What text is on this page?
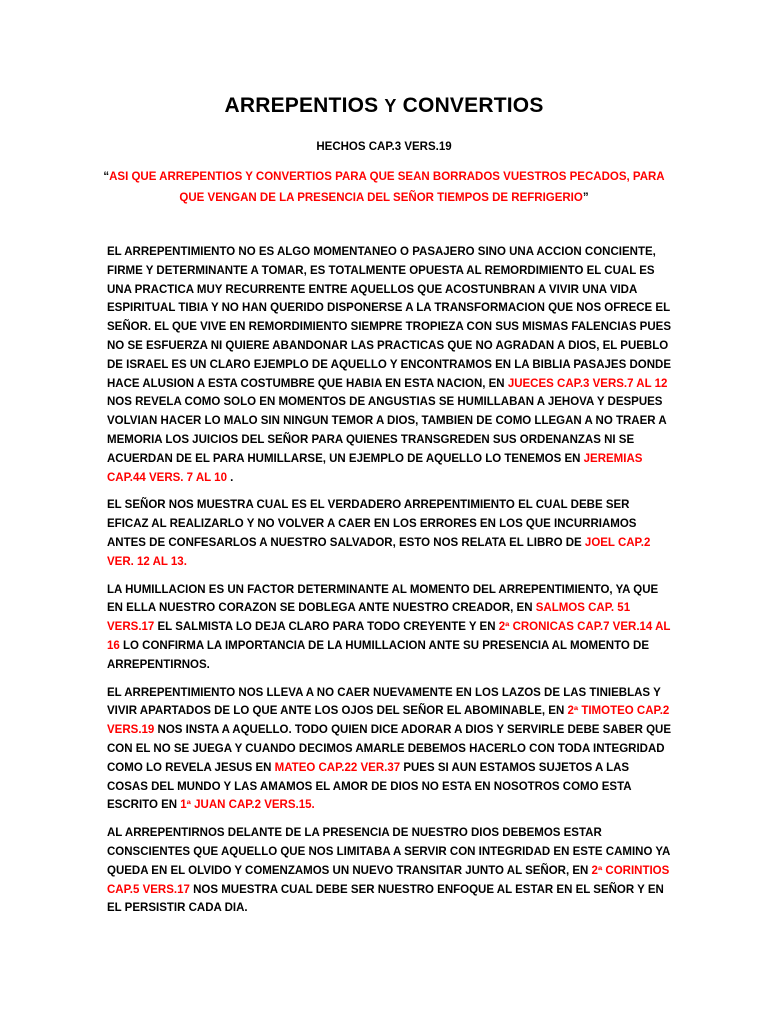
ARREPENTIOS Y CONVERTIOS
HECHOS CAP.3 VERS.19
“ASI QUE ARREPENTIOS Y CONVERTIOS PARA QUE SEAN BORRADOS VUESTROS PECADOS, PARA QUE VENGAN DE LA PRESENCIA DEL SEÑOR TIEMPOS DE REFRIGERIO”

EL ARREPENTIMIENTO NO ES ALGO MOMENTANEO O PASAJERO SINO UNA ACCION CONCIENTE, FIRME Y DETERMINANTE A TOMAR, ES TOTALMENTE OPUESTA AL REMORDIMIENTO EL CUAL ES UNA PRACTICA MUY RECURRENTE ENTRE AQUELLOS QUE ACOSTUNBRAN A VIVIR UNA VIDA ESPIRITUAL TIBIA Y NO HAN QUERIDO DISPONERSE A LA TRANSFORMACION QUE NOS OFRECE EL SEÑOR. EL QUE VIVE EN REMORDIMIENTO SIEMPRE TROPIEZA CON SUS MISMAS FALENCIAS PUES NO SE ESFUERZA NI QUIERE ABANDONAR LAS PRACTICAS QUE NO AGRADAN A DIOS, EL PUEBLO DE ISRAEL ES UN CLARO EJEMPLO DE AQUELLO Y ENCONTRAMOS EN LA BIBLIA PASAJES DONDE HACE ALUSION A ESTA COSTUMBRE QUE HABIA EN ESTA NACION, EN JUECES CAP.3 VERS.7 AL 12 NOS REVELA COMO SOLO EN MOMENTOS DE ANGUSTIAS SE HUMILLABAN A JEHOVA Y DESPUES VOLVIAN HACER LO MALO SIN NINGUN TEMOR A DIOS, TAMBIEN DE COMO LLEGAN A NO TRAER A MEMORIA LOS JUICIOS DEL SEÑOR PARA QUIENES TRANSGREDEN SUS ORDENANZAS NI SE ACUERDAN DE EL PARA HUMILLARSE, UN EJEMPLO DE AQUELLO LO TENEMOS EN JEREMIAS CAP.44 VERS. 7 AL 10 .

EL SEÑOR NOS MUESTRA CUAL ES EL VERDADERO ARREPENTIMIENTO EL CUAL DEBE SER EFICAZ AL REALIZARLO Y NO VOLVER A CAER EN LOS ERRORES EN LOS QUE INCURRIAMOS ANTES DE CONFESARLOS A NUESTRO SALVADOR, ESTO NOS RELATA EL LIBRO DE JOEL CAP.2 VER. 12 AL 13.

LA HUMILLACION ES UN FACTOR DETERMINANTE AL MOMENTO DEL ARREPENTIMIENTO, YA QUE EN ELLA NUESTRO CORAZON SE DOBLEGA ANTE NUESTRO CREADOR, EN SALMOS CAP. 51 VERS.17 EL SALMISTA LO DEJA CLARO PARA TODO CREYENTE Y EN 2ª CRONICAS CAP.7 VER.14 AL 16 LO CONFIRMA LA IMPORTANCIA DE LA HUMILLACION ANTE SU PRESENCIA AL MOMENTO DE ARREPENTIRNOS.

EL ARREPENTIMIENTO NOS LLEVA A NO CAER NUEVAMENTE EN LOS LAZOS DE LAS TINIEBLAS Y VIVIR APARTADOS DE LO QUE ANTE LOS OJOS DEL SEÑOR EL ABOMINABLE, EN 2ª TIMOTEO CAP.2 VERS.19 NOS INSTA A AQUELLO. TODO QUIEN DICE ADORAR A DIOS Y SERVIRLE DEBE SABER QUE CON EL NO SE JUEGA Y CUANDO DECIMOS AMARLE DEBEMOS HACERLO CON TODA INTEGRIDAD COMO LO REVELA JESUS EN MATEO CAP.22 VER.37 PUES SI AUN ESTAMOS SUJETOS A LAS COSAS DEL MUNDO Y LAS AMAMOS EL AMOR DE DIOS NO ESTA EN NOSOTROS COMO ESTA ESCRITO EN 1ª JUAN CAP.2 VERS.15.

AL ARREPENTIRNOS DELANTE DE LA PRESENCIA DE NUESTRO DIOS DEBEMOS ESTAR CONSCIENTES QUE AQUELLO QUE NOS LIMITABA A SERVIR CON INTEGRIDAD EN ESTE CAMINO YA QUEDA EN EL OLVIDO Y COMENZAMOS UN NUEVO TRANSITAR JUNTO AL SEÑOR, EN 2ª CORINTIOS CAP.5 VERS.17 NOS MUESTRA CUAL DEBE SER NUESTRO ENFOQUE AL ESTAR EN EL SEÑOR Y EN EL PERSISTIR CADA DIA.
